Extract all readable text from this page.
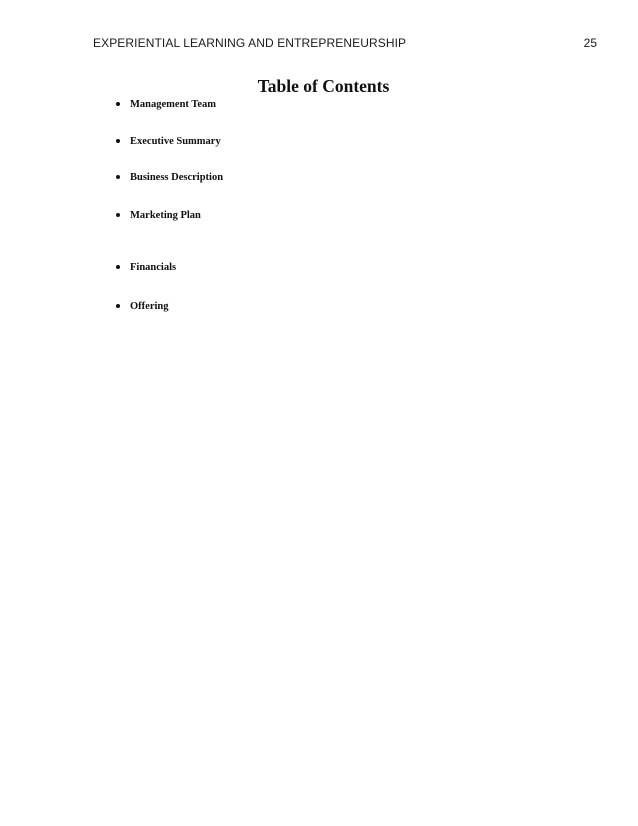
EXPERIENTIAL LEARNING AND ENTREPRENEURSHIP	25
Table of Contents
Management Team
Executive Summary
Business Description
Marketing Plan
Financials
Offering
